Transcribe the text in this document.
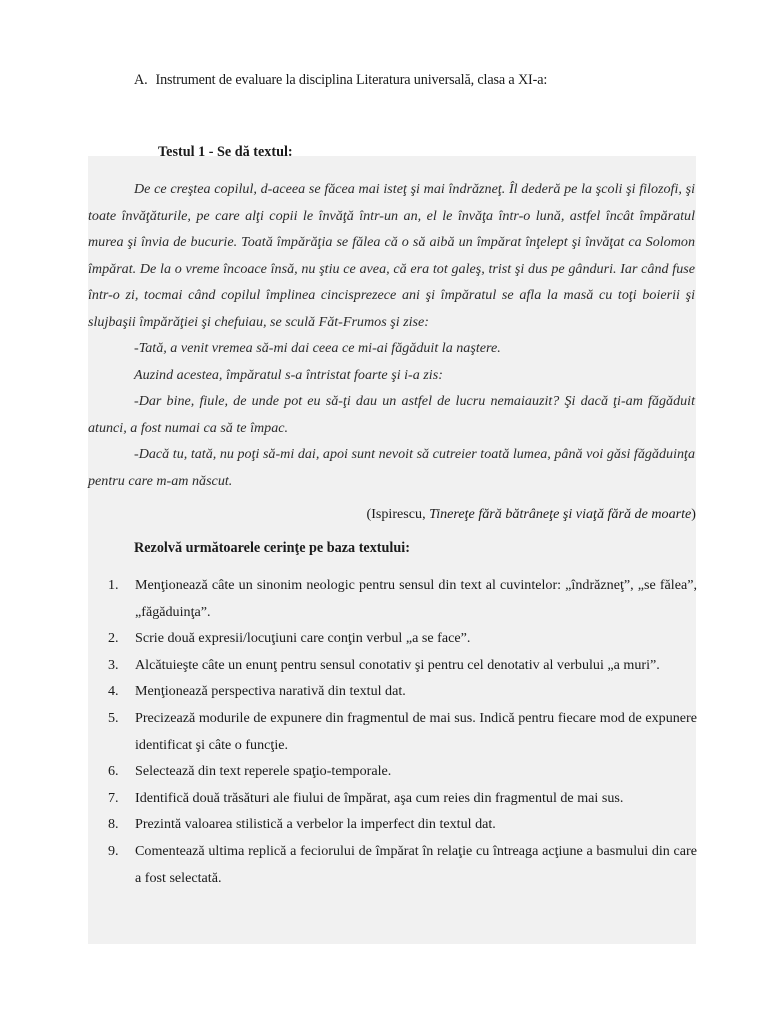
A. Instrument de evaluare la disciplina Literatura universală, clasa a XI-a:
Testul 1 - Se dă textul:

De ce creştea copilul, d-aceea se făcea mai isteţ şi mai îndrăzneţ. Îl dederă pe la şcoli şi filozofi, şi toate învăţăturile, pe care alţi copii le învăţă într-un an, el le învăţa într-o lună, astfel încât împăratul murea şi învia de bucurie. Toată împărăţia se fălea că o să aibă un împărat înţelept şi învăţat ca Solomon împărat. De la o vreme încoace însă, nu ştiu ce avea, că era tot galeş, trist şi dus pe gânduri. Iar când fuse într-o zi, tocmai când copilul împlinea cincisprezece ani şi împăratul se afla la masă cu toţi boierii şi slujbaşii împărăţiei şi chefuiau, se sculă Făt-Frumos şi zise:

-Tată, a venit vremea să-mi dai ceea ce mi-ai făgăduit la naştere.

Auzind acestea, împăratul s-a întristat foarte şi i-a zis:

-Dar bine, fiule, de unde pot eu să-ţi dau un astfel de lucru nemaiauzit? Şi dacă ţi-am făgăduit atunci, a fost numai ca să te împac.

-Dacă tu, tată, nu poţi să-mi dai, apoi sunt nevoit să cutreier toată lumea, până voi găsi făgăduinţa pentru care m-am născut.

(Ispirescu, Tinereţe fără bătrâneţe şi viaţă fără de moarte)
Rezolvă următoarele cerinţe pe baza textului:
1. Menţionează câte un sinonim neologic pentru sensul din text al cuvintelor: „îndrăzneţ”, „se fălea”, „făgăduinţa”.
2. Scrie două expresii/locuţiuni care conţin verbul „a se face”.
3. Alcătuieşte câte un enunţ pentru sensul conotativ şi pentru cel denotativ al verbului „a muri”.
4. Menţionează perspectiva narativă din textul dat.
5. Precizează modurile de expunere din fragmentul de mai sus. Indică pentru fiecare mod de expunere identificat şi câte o funcţie.
6. Selectează din text reperele spaţio-temporale.
7. Identifică două trăsături ale fiului de împărat, aşa cum reies din fragmentul de mai sus.
8. Prezintă valoarea stilistică a verbelor la imperfect din textul dat.
9. Comentează ultima replică a feciorului de împărat în relaţie cu întreaga acţiune a basmului din care a fost selectată.
